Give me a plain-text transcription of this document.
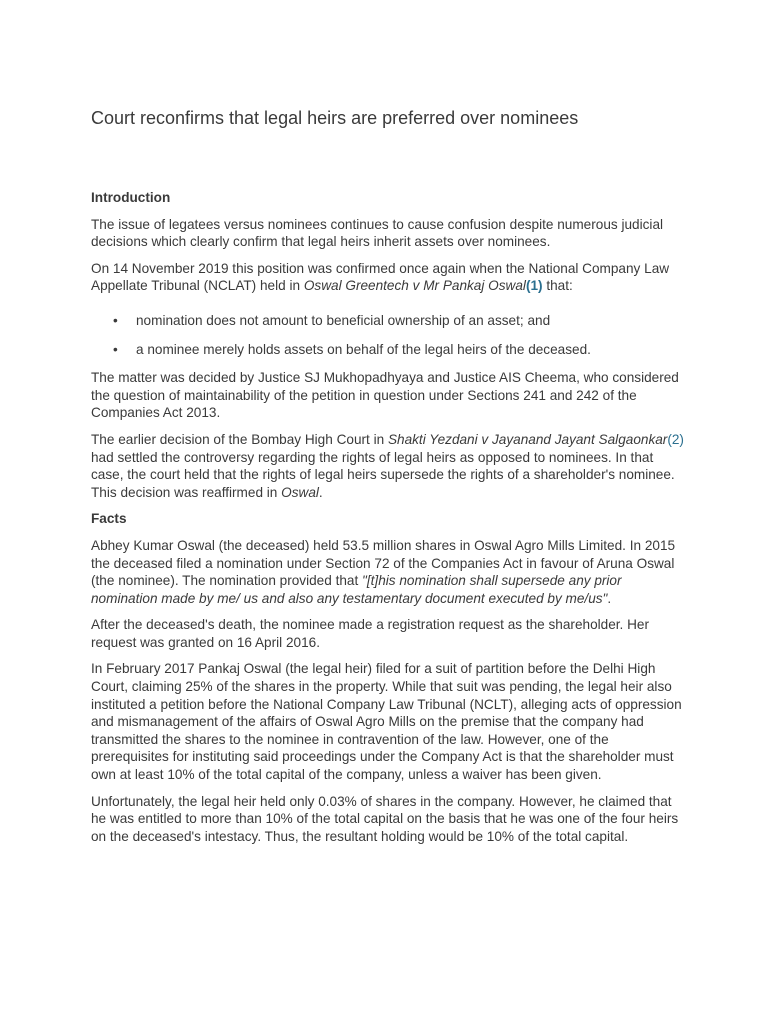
Court reconfirms that legal heirs are preferred over nominees
Introduction

The issue of legatees versus nominees continues to cause confusion despite numerous judicial decisions which clearly confirm that legal heirs inherit assets over nominees.

On 14 November 2019 this position was confirmed once again when the National Company Law Appellate Tribunal (NCLAT) held in Oswal Greentech v Mr Pankaj Oswal(1) that:

• nomination does not amount to beneficial ownership of an asset; and
• a nominee merely holds assets on behalf of the legal heirs of the deceased.

The matter was decided by Justice SJ Mukhopadhyaya and Justice AIS Cheema, who considered the question of maintainability of the petition in question under Sections 241 and 242 of the Companies Act 2013.

The earlier decision of the Bombay High Court in Shakti Yezdani v Jayanand Jayant Salgaonkar(2) had settled the controversy regarding the rights of legal heirs as opposed to nominees. In that case, the court held that the rights of legal heirs supersede the rights of a shareholder's nominee. This decision was reaffirmed in Oswal.

Facts

Abhey Kumar Oswal (the deceased) held 53.5 million shares in Oswal Agro Mills Limited. In 2015 the deceased filed a nomination under Section 72 of the Companies Act in favour of Aruna Oswal (the nominee). The nomination provided that "[t]his nomination shall supersede any prior nomination made by me/ us and also any testamentary document executed by me/us".

After the deceased's death, the nominee made a registration request as the shareholder. Her request was granted on 16 April 2016.

In February 2017 Pankaj Oswal (the legal heir) filed for a suit of partition before the Delhi High Court, claiming 25% of the shares in the property. While that suit was pending, the legal heir also instituted a petition before the National Company Law Tribunal (NCLT), alleging acts of oppression and mismanagement of the affairs of Oswal Agro Mills on the premise that the company had transmitted the shares to the nominee in contravention of the law. However, one of the prerequisites for instituting said proceedings under the Company Act is that the shareholder must own at least 10% of the total capital of the company, unless a waiver has been given.

Unfortunately, the legal heir held only 0.03% of shares in the company. However, he claimed that he was entitled to more than 10% of the total capital on the basis that he was one of the four heirs on the deceased's intestacy. Thus, the resultant holding would be 10% of the total capital.
